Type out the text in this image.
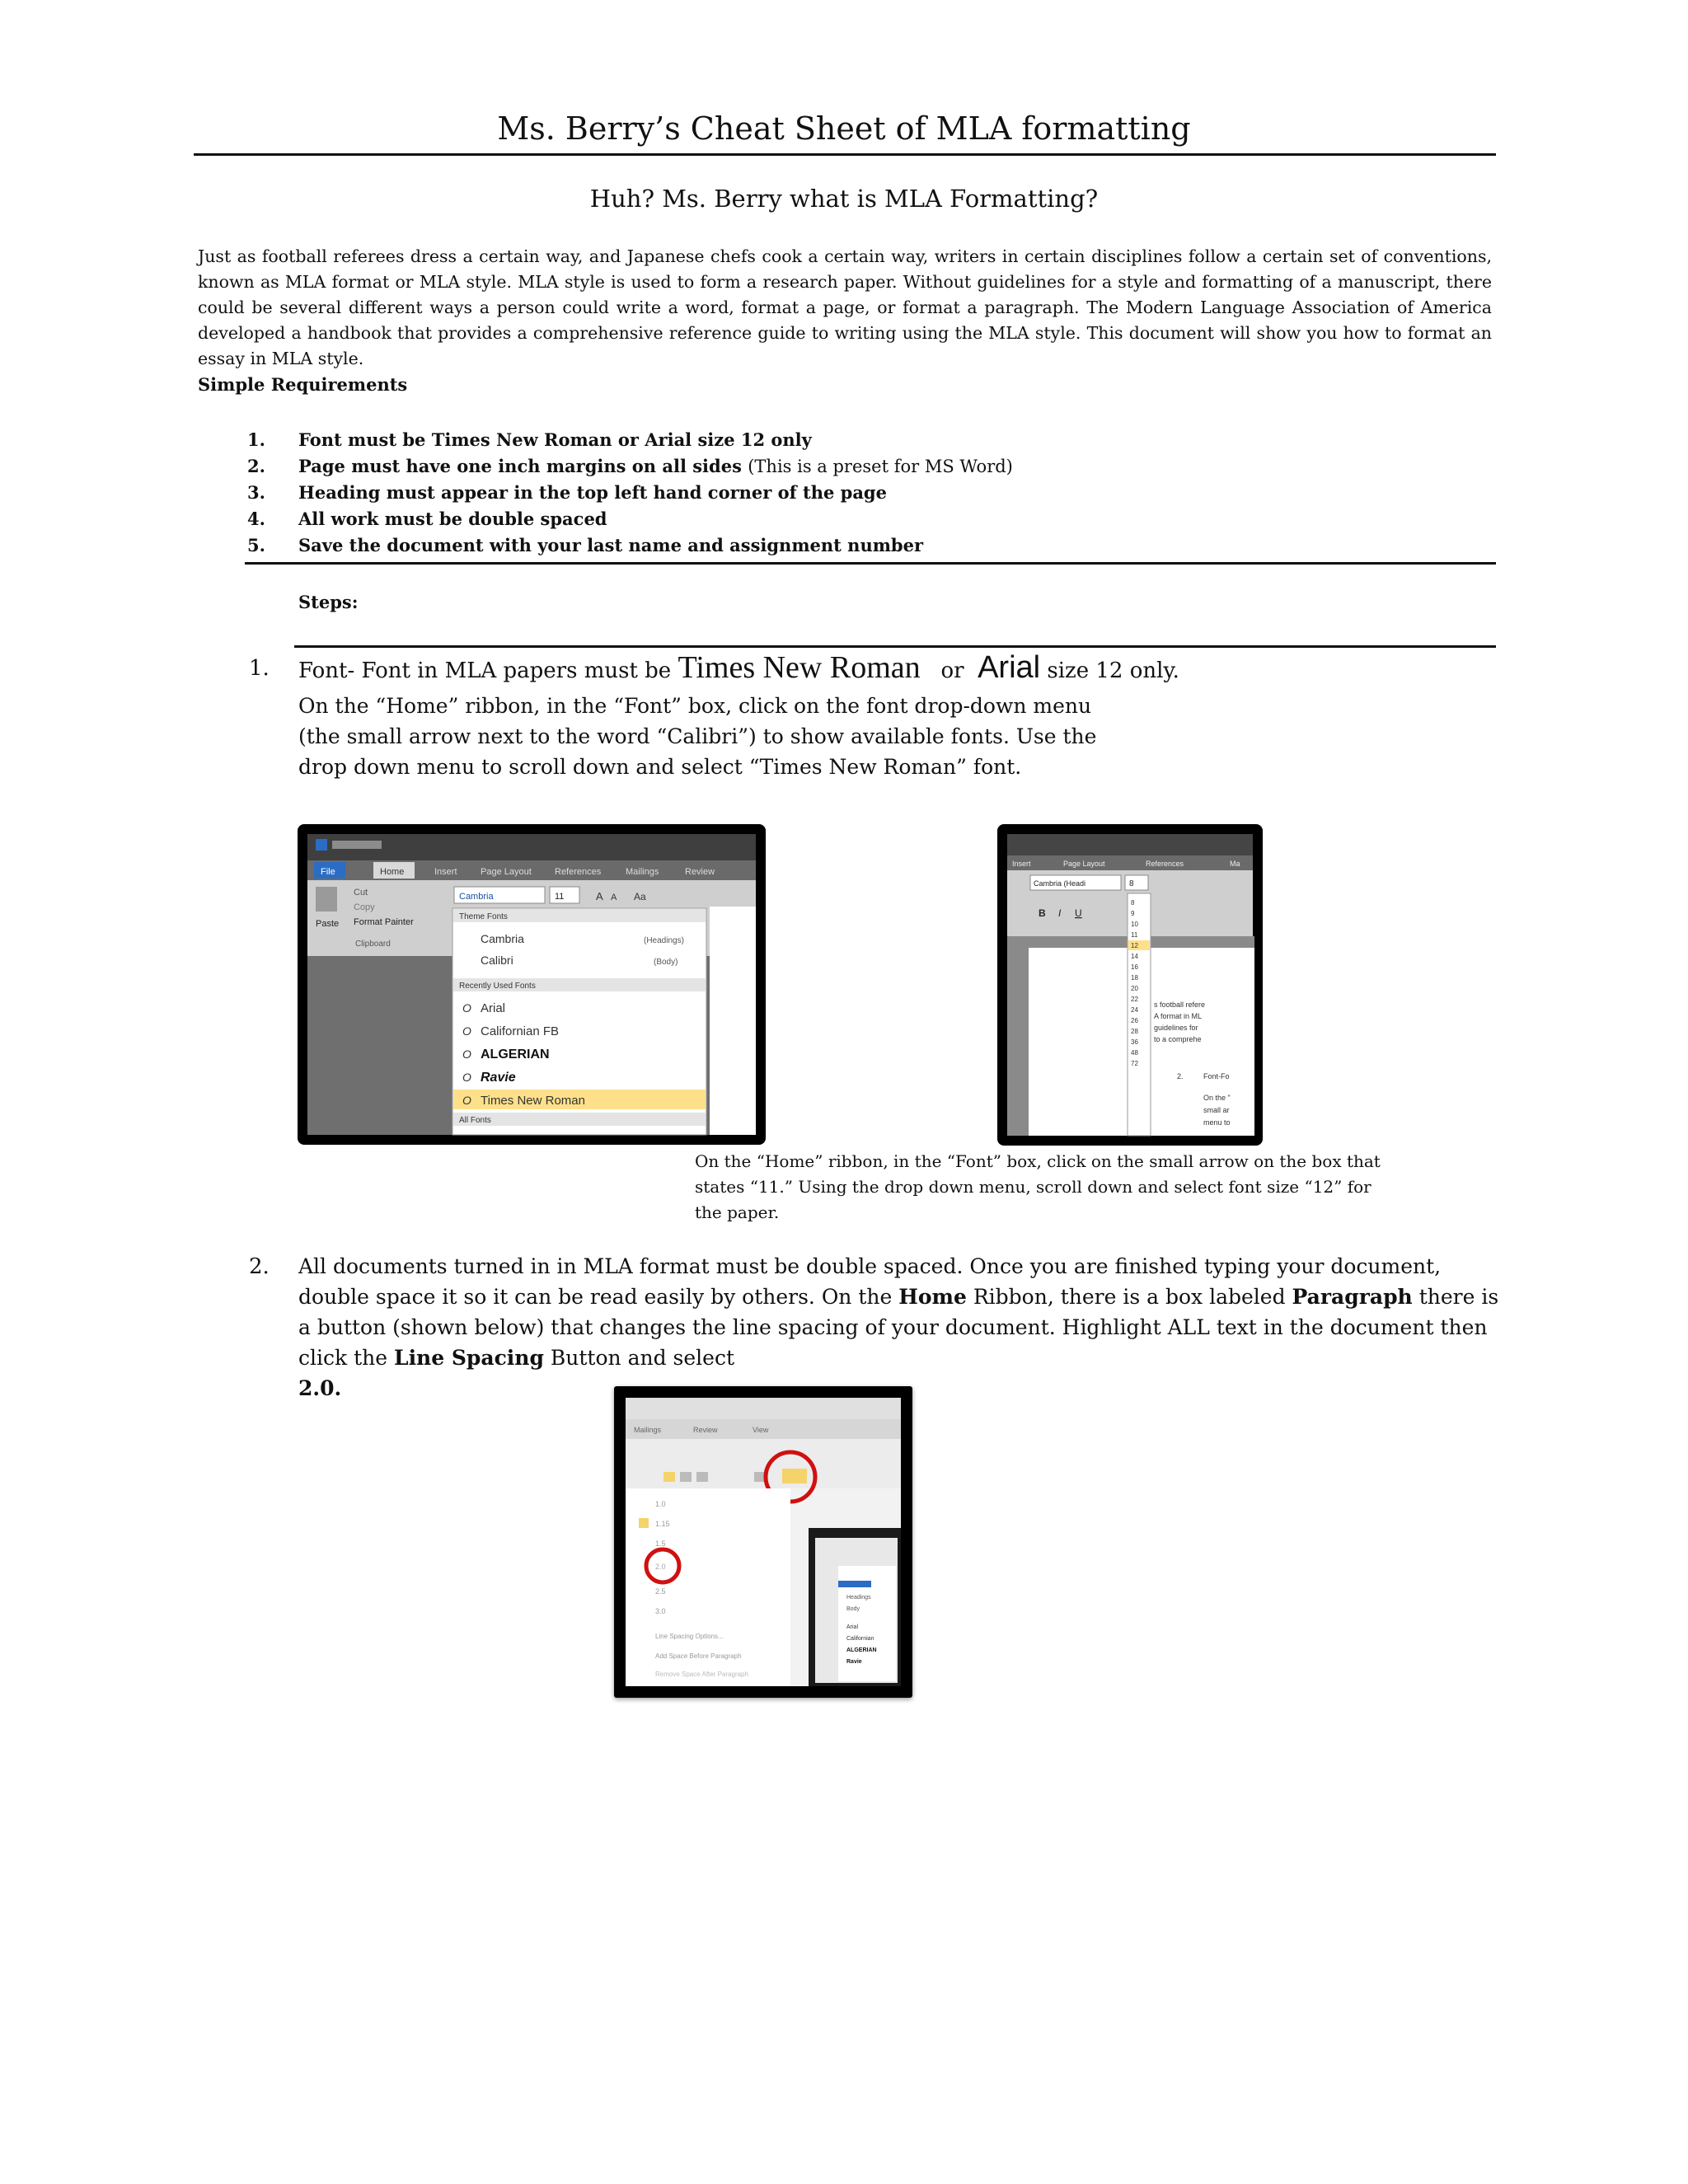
Ms. Berry’s Cheat Sheet of MLA formatting
Huh? Ms. Berry what is MLA Formatting?
Just as football referees dress a certain way, and Japanese chefs cook a certain way, writers in certain disciplines follow a certain set of conventions, known as MLA format or MLA style. MLA style is used to form a research paper. Without guidelines for a style and formatting of a manuscript, there could be several different ways a person could write a word, format a page, or format a paragraph. The Modern Language Association of America developed a handbook that provides a comprehensive reference guide to writing using the MLA style. This document will show you how to format an essay in MLA style.
Simple Requirements
1. Font must be Times New Roman or Arial size 12 only
2. Page must have one inch margins on all sides (This is a preset for MS Word)
3. Heading must appear in the top left hand corner of the page
4. All work must be double spaced
5. Save the document with your last name and assignment number
Steps:
1. Font- Font in MLA papers must be Times New Roman or Arial size 12 only.
On the “Home” ribbon, in the “Font” box, click on the font drop-down menu (the small arrow next to the word “Calibri”) to show available fonts. Use the drop down menu to scroll down and select “Times New Roman” font.
File	Home	Insert	Page Layout	References	Mailings	Review
Paste
Cut
Copy
Format Painter
Clipboard
Cambria	11	A A Aa
Theme Fonts
Cambria	(Headings)
Calibri	(Body)
Recently Used Fonts
O Arial
O Californian FB
O ALGERIAN
O Ravie
O Times New Roman
All Fonts
Insert	Page Layout	References	Ma
Cambria (Headi	8
B I U
8
9
10
11
12
14
16
18
20
22
24
26
28
36
48
72
s football refere
A format in ML
guidelines for
to a comprehe
2.	Font-Fo
On the "
small ar
menu to
On the “Home” ribbon, in the “Font” box, click on the small arrow on the box that states “11.” Using the drop down menu, scroll down and select font size “12” for the paper.
2. All documents turned in in MLA format must be double spaced. Once you are finished typing your document, double space it so it can be read easily by others. On the Home Ribbon, there is a box labeled Paragraph there is a button (shown below) that changes the line spacing of your document. Highlight ALL text in the document then click the Line Spacing Button and select
2.0.
Mailings	Review	View
1.0
1.15
1.5
2.0
2.5
3.0
Line Spacing Options...
Add Space Before Paragraph
Remove Space After Paragraph
Headings
Body
Arial
Californian
ALGERIAN
Ravie
